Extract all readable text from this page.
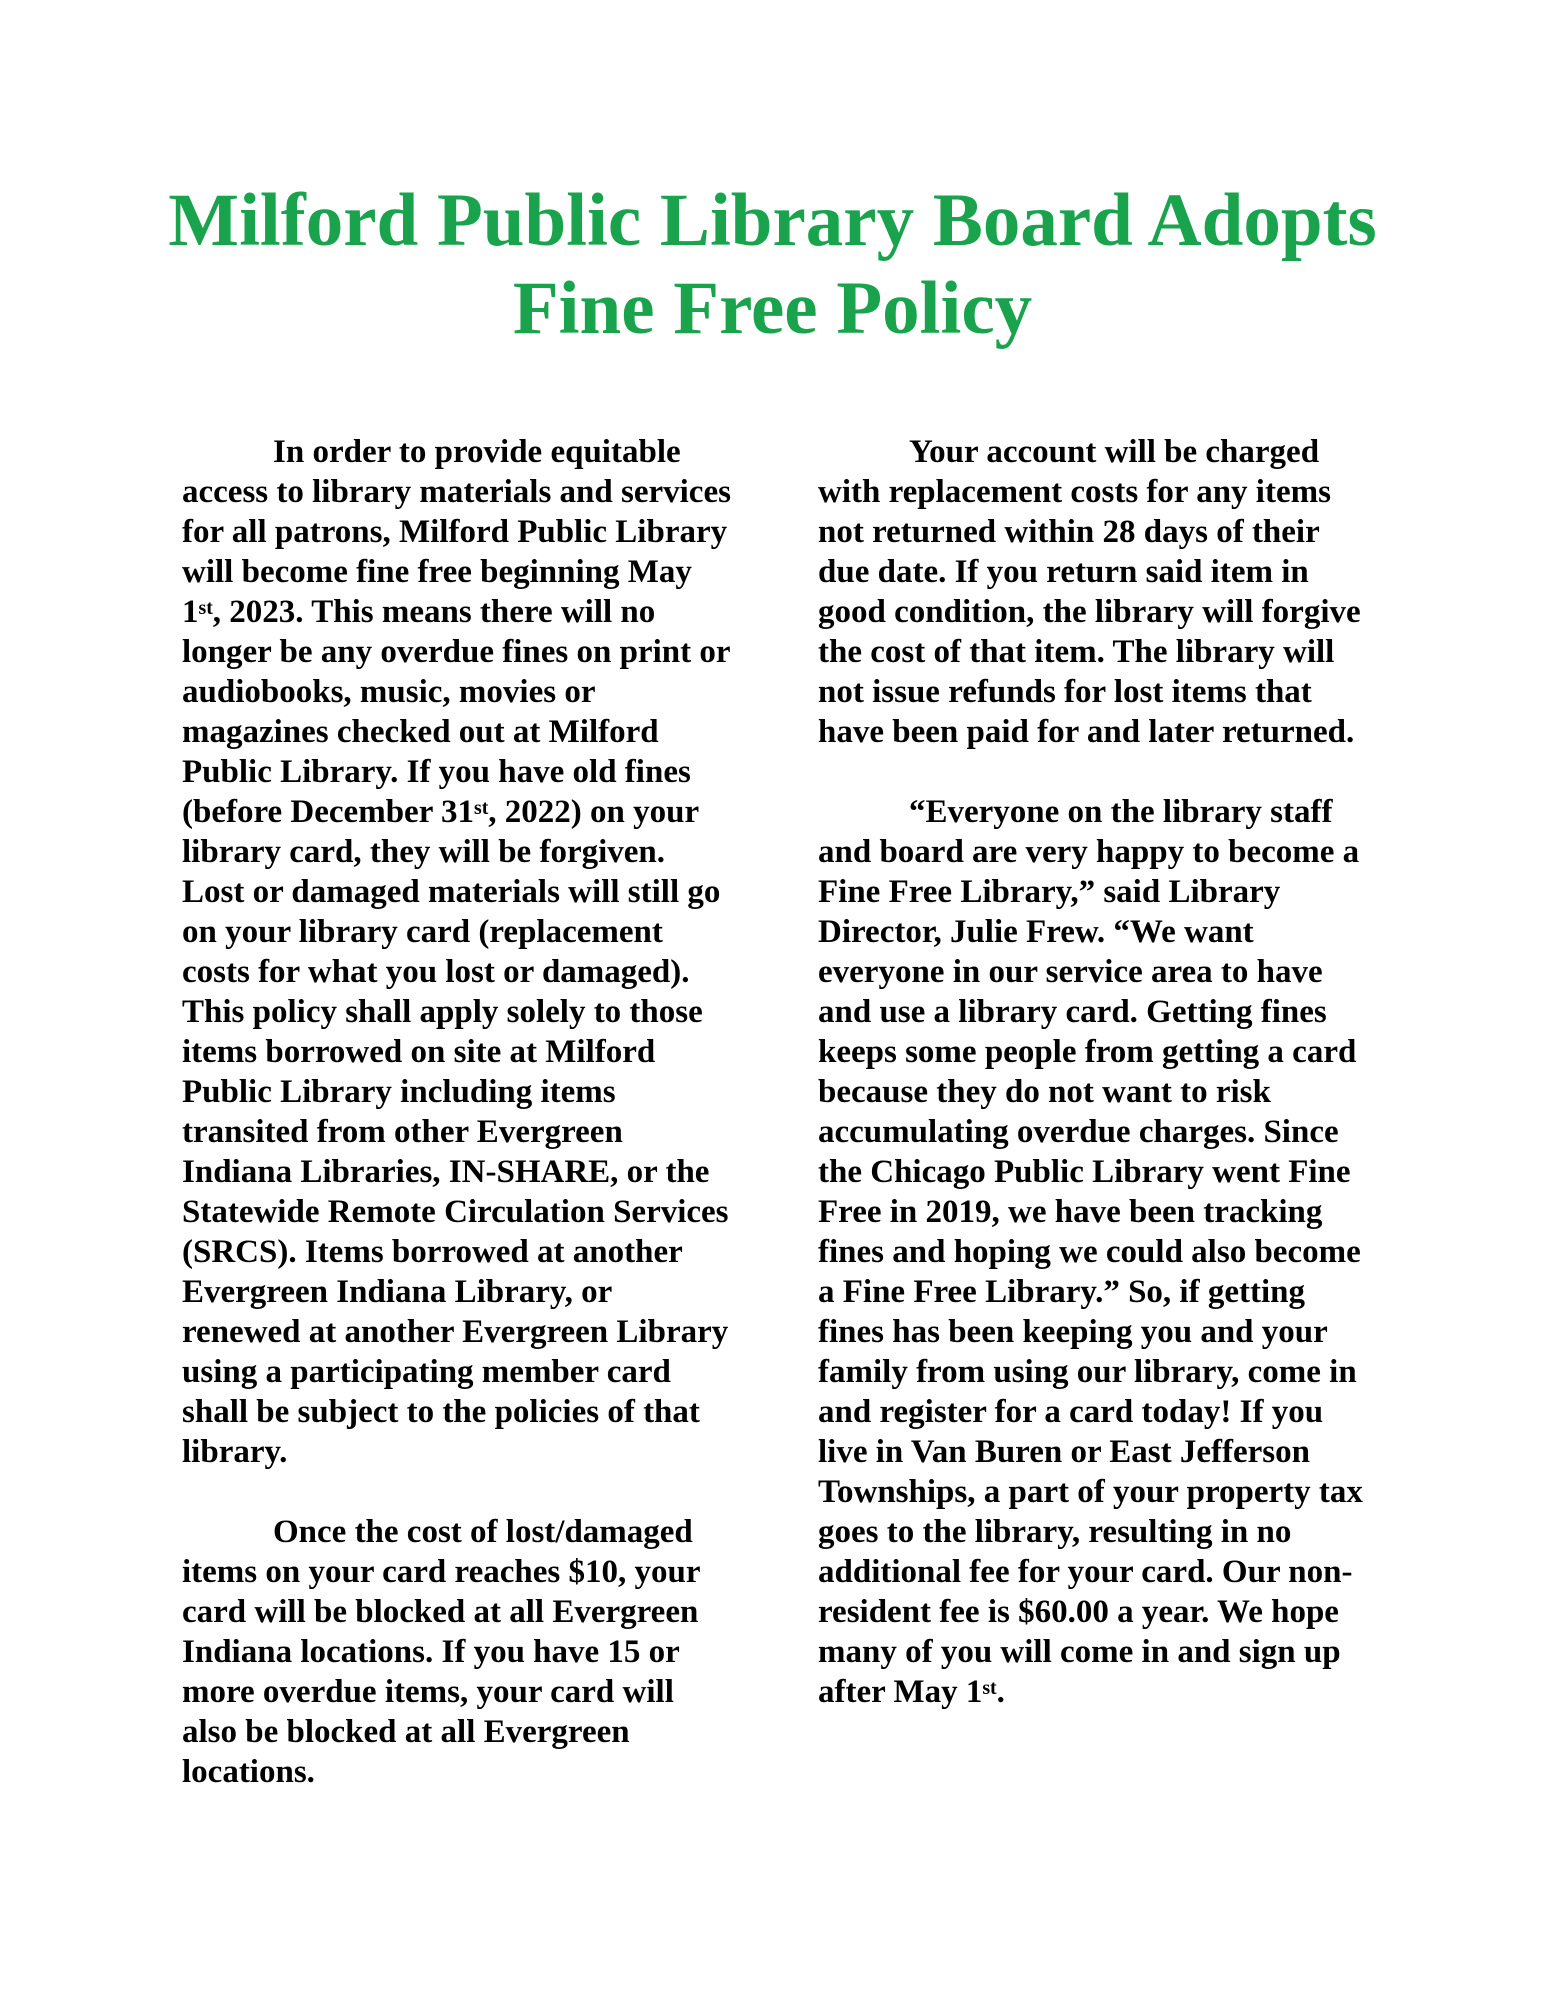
Milford Public Library Board Adopts
Fine Free Policy

In order to provide equitable access to library materials and services for all patrons, Milford Public Library will become fine free beginning May 1st, 2023. This means there will no longer be any overdue fines on print or audiobooks, music, movies or magazines checked out at Milford Public Library. If you have old fines (before December 31st, 2022) on your library card, they will be forgiven. Lost or damaged materials will still go on your library card (replacement costs for what you lost or damaged). This policy shall apply solely to those items borrowed on site at Milford Public Library including items transited from other Evergreen Indiana Libraries, IN-SHARE, or the Statewide Remote Circulation Services (SRCS). Items borrowed at another Evergreen Indiana Library, or renewed at another Evergreen Library using a participating member card shall be subject to the policies of that library.

Once the cost of lost/damaged items on your card reaches $10, your card will be blocked at all Evergreen Indiana locations. If you have 15 or more overdue items, your card will also be blocked at all Evergreen locations.

Your account will be charged with replacement costs for any items not returned within 28 days of their due date. If you return said item in good condition, the library will forgive the cost of that item. The library will not issue refunds for lost items that have been paid for and later returned.

“Everyone on the library staff and board are very happy to become a Fine Free Library,” said Library Director, Julie Frew. “We want everyone in our service area to have and use a library card. Getting fines keeps some people from getting a card because they do not want to risk accumulating overdue charges. Since the Chicago Public Library went Fine Free in 2019, we have been tracking fines and hoping we could also become a Fine Free Library.” So, if getting fines has been keeping you and your family from using our library, come in and register for a card today! If you live in Van Buren or East Jefferson Townships, a part of your property tax goes to the library, resulting in no additional fee for your card. Our non-resident fee is $60.00 a year. We hope many of you will come in and sign up after May 1st.
